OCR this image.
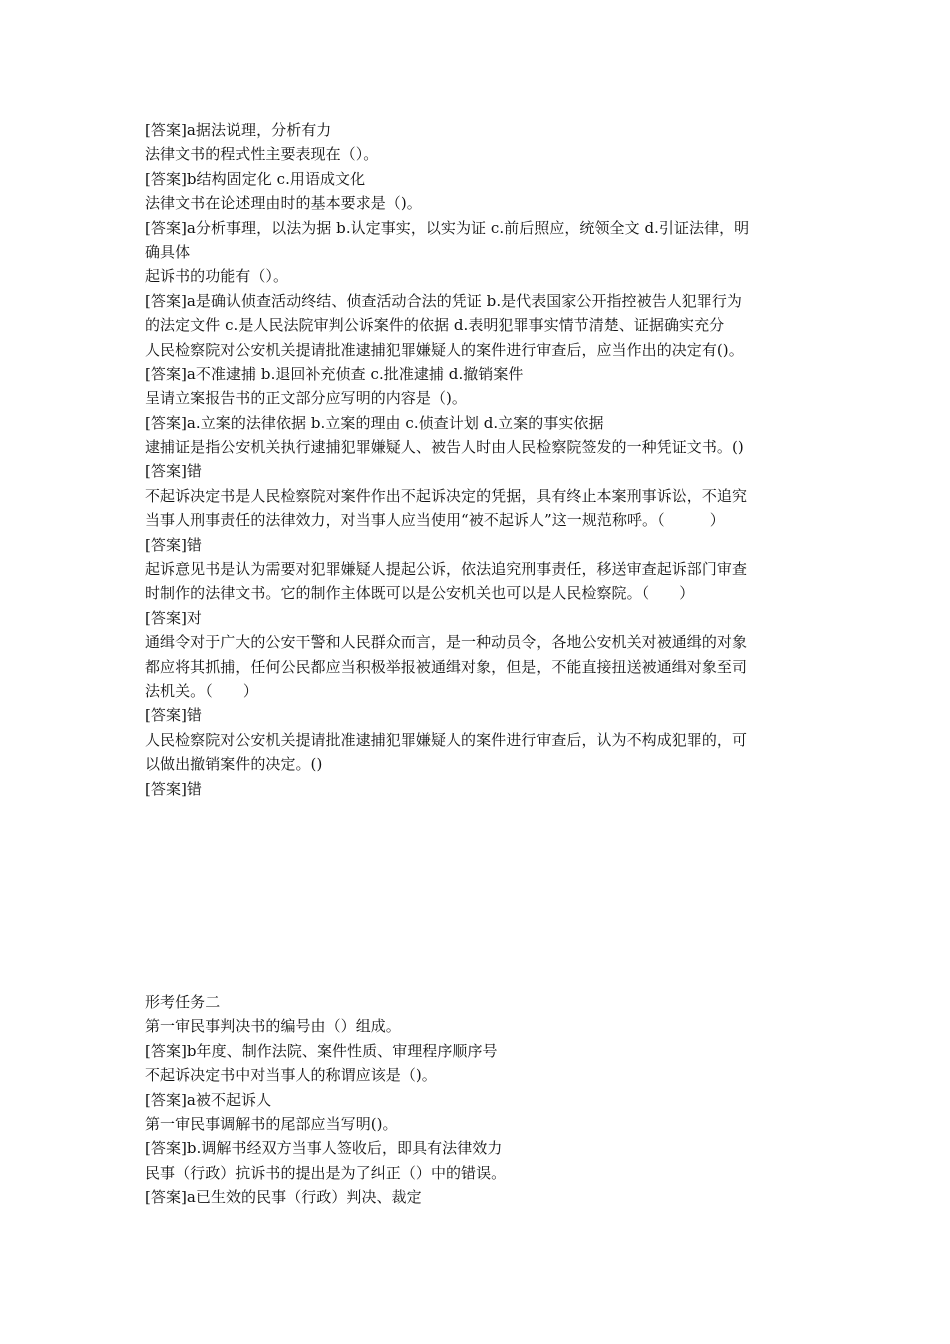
[答案]a据法说理，分析有力
法律文书的程式性主要表现在（）。
[答案]b结构固定化 c.用语成文化
法律文书在论述理由时的基本要求是（)。
[答案]a分析事理，以法为据 b.认定事实，以实为证 c.前后照应，统领全文 d.引证法律，明
确具体
起诉书的功能有（）。
[答案]a是确认侦查活动终结、侦查活动合法的凭证 b.是代表国家公开指控被告人犯罪行为
的法定文件 c.是人民法院审判公诉案件的依据 d.表明犯罪事实情节清楚、证据确实充分
人民检察院对公安机关提请批准逮捕犯罪嫌疑人的案件进行审查后，应当作出的决定有()。
[答案]a不准逮捕 b.退回补充侦查 c.批准逮捕 d.撤销案件
呈请立案报告书的正文部分应写明的内容是（)。
[答案]a.立案的法律依据 b.立案的理由 c.侦查计划 d.立案的事实依据
逮捕证是指公安机关执行逮捕犯罪嫌疑人、被告人时由人民检察院签发的一种凭证文书。()
[答案]错
不起诉决定书是人民检察院对案件作出不起诉决定的凭据，具有终止本案刑事诉讼，不追究
当事人刑事责任的法律效力，对当事人应当使用“被不起诉人”这一规范称呼。（　　　）
[答案]错
起诉意见书是认为需要对犯罪嫌疑人提起公诉，依法追究刑事责任，移送审查起诉部门审查
时制作的法律文书。它的制作主体既可以是公安机关也可以是人民检察院。（　　）
[答案]对
通缉令对于广大的公安干警和人民群众而言，是一种动员令，各地公安机关对被通缉的对象
都应将其抓捕，任何公民都应当积极举报被通缉对象，但是，不能直接扭送被通缉对象至司
法机关。（　　）
[答案]错
人民检察院对公安机关提请批准逮捕犯罪嫌疑人的案件进行审查后，认为不构成犯罪的，可
以做出撤销案件的决定。()
[答案]错
形考任务二
第一审民事判决书的编号由（）组成。
[答案]b年度、制作法院、案件性质、审理程序顺序号
不起诉决定书中对当事人的称谓应该是（)。
[答案]a被不起诉人
第一审民事调解书的尾部应当写明()。
[答案]b.调解书经双方当事人签收后，即具有法律效力
民事（行政）抗诉书的提出是为了纠正（）中的错误。
[答案]a已生效的民事（行政）判决、裁定
